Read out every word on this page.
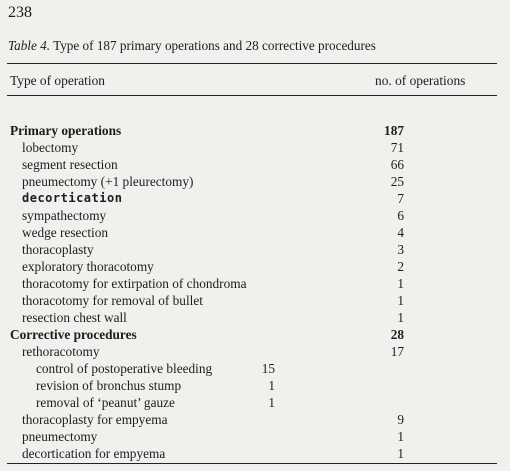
238
Table 4. Type of 187 primary operations and 28 corrective procedures
Type of operation	no. of operations
Primary operations	187
lobectomy	71
segment resection	66
pneumectomy (+1 pleurectomy)	25
decortication	7
sympathectomy	6
wedge resection	4
thoracoplasty	3
exploratory thoracotomy	2
thoracotomy for extirpation of chondroma	1
thoracotomy for removal of bullet	1
resection chest wall	1
Corrective procedures	28
rethoracotomy	17
control of postoperative bleeding	15
revision of bronchus stump	1
removal of ‘peanut’ gauze	1
thoracoplasty for empyema	9
pneumectomy	1
decortication for empyema	1
